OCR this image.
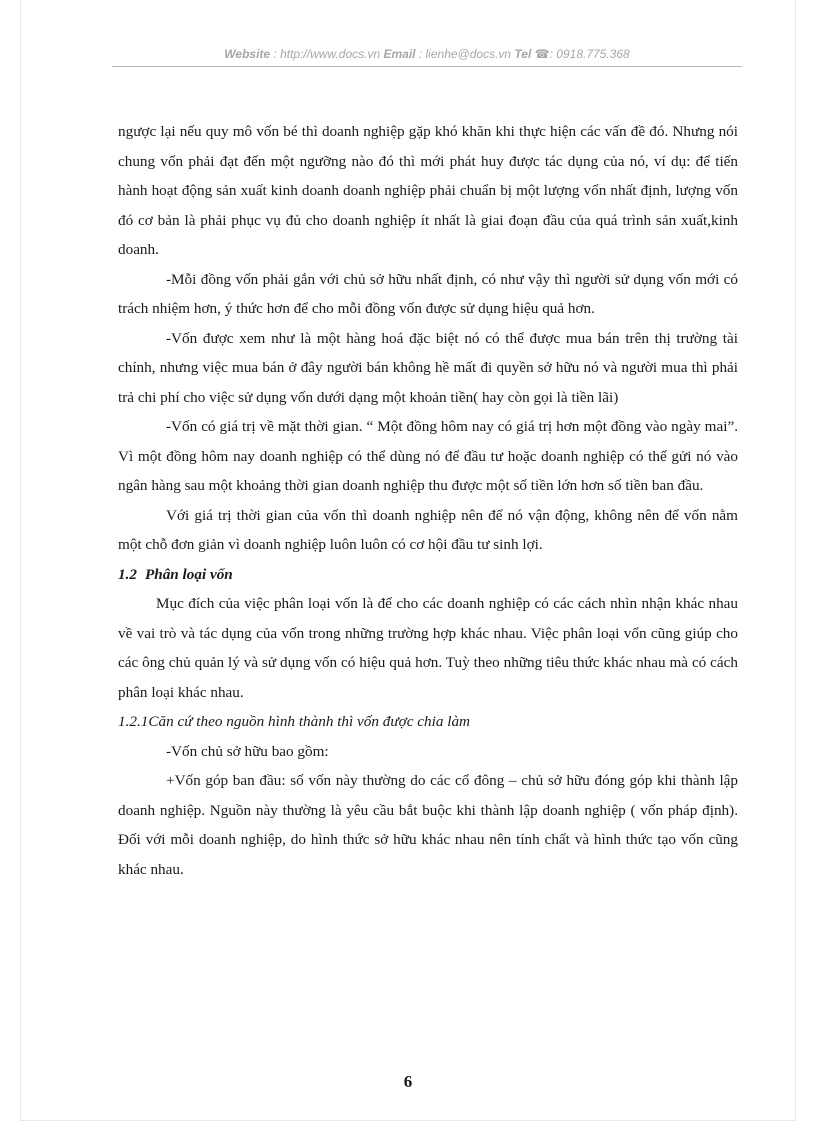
Website : http://www.docs.vn Email : lienhe@docs.vn Tel ☎: 0918.775.368

ngược lại nếu quy mô vốn bé thì doanh nghiệp gặp khó khăn khi thực hiện các vấn đề đó. Nhưng nói chung vốn phải đạt đến một ngưỡng nào đó thì mới phát huy được tác dụng của nó, ví dụ: để tiến hành hoạt động sản xuất kinh doanh doanh nghiệp phải chuẩn bị một lượng vốn nhất định, lượng vốn đó cơ bản là phải phục vụ đủ cho doanh nghiệp ít nhất là giai đoạn đầu của quá trình sản xuất,kinh doanh.

-Mỗi đồng vốn phải gắn với chủ sở hữu nhất định, có như vậy thì người sử dụng vốn mới có trách nhiệm hơn, ý thức hơn để cho mỗi đồng vốn được sử dụng hiệu quả hơn.

-Vốn được xem như là một hàng hoá đặc biệt nó có thể được mua bán trên thị trường tài chính, nhưng việc mua bán ở đây người bán không hề mất đi quyền sở hữu nó và người mua thì phải trả chi phí cho việc sử dụng vốn dưới dạng một khoản tiền( hay còn gọi là tiền lãi)

-Vốn có giá trị về mặt thời gian. “ Một đồng hôm nay có giá trị hơn một đồng vào ngày mai”. Vì một đồng hôm nay doanh nghiệp có thể dùng nó để đầu tư hoặc doanh nghiệp có thể gửi nó vào ngân hàng sau một khoảng thời gian doanh nghiệp thu được một số tiền lớn hơn số tiền ban đầu.

Với giá trị thời gian của vốn thì doanh nghiệp nên để nó vận động, không nên để vốn nằm một chỗ đơn giản vì doanh nghiệp luôn luôn có cơ hội đầu tư sinh lợi.

1.2 Phân loại vốn

Mục đích của việc phân loại vốn là để cho các doanh nghiệp có các cách nhìn nhận khác nhau về vai trò và tác dụng của vốn trong những trường hợp khác nhau. Việc phân loại vốn cũng giúp cho các ông chủ quản lý và sử dụng vốn có hiệu quả hơn. Tuỳ theo những tiêu thức khác nhau mà có cách phân loại khác nhau.

1.2.1Căn cứ theo nguồn hình thành thì vốn được chia làm

-Vốn chủ sở hữu bao gồm:

+Vốn góp ban đầu: số vốn này thường do các cổ đông – chủ sở hữu đóng góp khi thành lập doanh nghiệp. Nguồn này thường là yêu cầu bắt buộc khi thành lập doanh nghiệp ( vốn pháp định). Đối với mỗi doanh nghiệp, do hình thức sở hữu khác nhau nên tính chất và hình thức tạo vốn cũng khác nhau.

6
